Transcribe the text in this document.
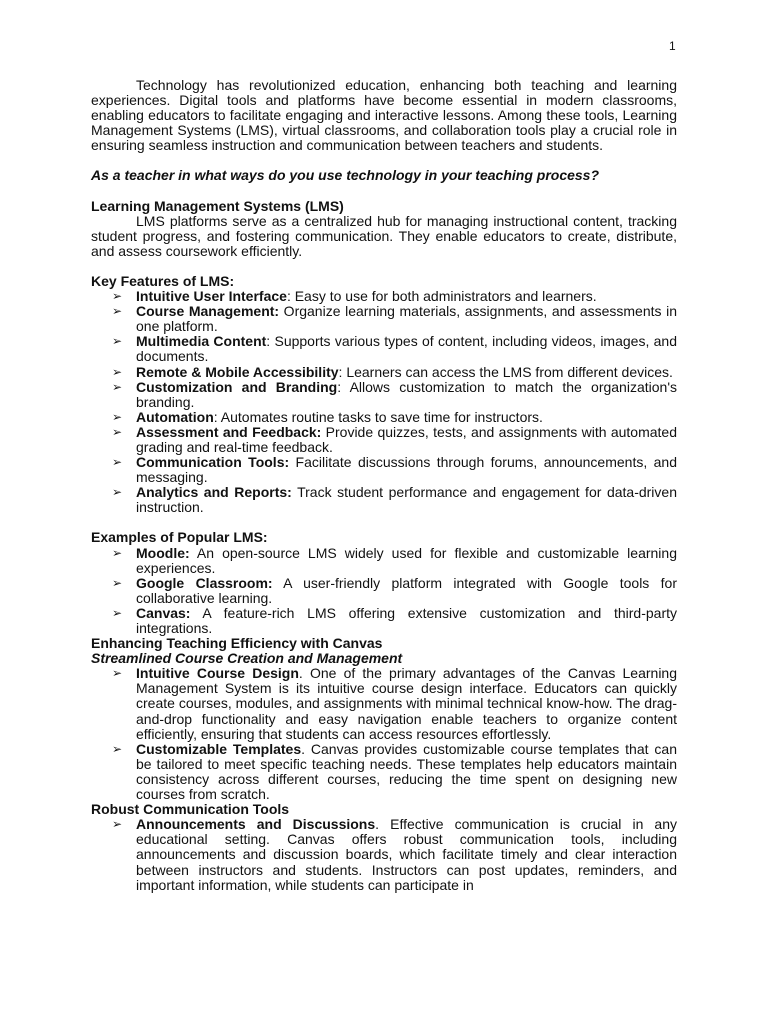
1

Technology has revolutionized education, enhancing both teaching and learning experiences. Digital tools and platforms have become essential in modern classrooms, enabling educators to facilitate engaging and interactive lessons. Among these tools, Learning Management Systems (LMS), virtual classrooms, and collaboration tools play a crucial role in ensuring seamless instruction and communication between teachers and students.

As a teacher in what ways do you use technology in your teaching process?

Learning Management Systems (LMS)

LMS platforms serve as a centralized hub for managing instructional content, tracking student progress, and fostering communication. They enable educators to create, distribute, and assess coursework efficiently.

Key Features of LMS:

➢ Intuitive User Interface: Easy to use for both administrators and learners.
➢ Course Management: Organize learning materials, assignments, and assessments in one platform.
➢ Multimedia Content: Supports various types of content, including videos, images, and documents.
➢ Remote & Mobile Accessibility: Learners can access the LMS from different devices.
➢ Customization and Branding: Allows customization to match the organization's branding.
➢ Automation: Automates routine tasks to save time for instructors.
➢ Assessment and Feedback: Provide quizzes, tests, and assignments with automated grading and real-time feedback.
➢ Communication Tools: Facilitate discussions through forums, announcements, and messaging.
➢ Analytics and Reports: Track student performance and engagement for data-driven instruction.

Examples of Popular LMS:

➢ Moodle: An open-source LMS widely used for flexible and customizable learning experiences.
➢ Google Classroom: A user-friendly platform integrated with Google tools for collaborative learning.
➢ Canvas: A feature-rich LMS offering extensive customization and third-party integrations.

Enhancing Teaching Efficiency with Canvas

Streamlined Course Creation and Management

➢ Intuitive Course Design. One of the primary advantages of the Canvas Learning Management System is its intuitive course design interface. Educators can quickly create courses, modules, and assignments with minimal technical know-how. The drag-and-drop functionality and easy navigation enable teachers to organize content efficiently, ensuring that students can access resources effortlessly.
➢ Customizable Templates. Canvas provides customizable course templates that can be tailored to meet specific teaching needs. These templates help educators maintain consistency across different courses, reducing the time spent on designing new courses from scratch.

Robust Communication Tools

➢ Announcements and Discussions. Effective communication is crucial in any educational setting. Canvas offers robust communication tools, including announcements and discussion boards, which facilitate timely and clear interaction between instructors and students. Instructors can post updates, reminders, and important information, while students can participate in
